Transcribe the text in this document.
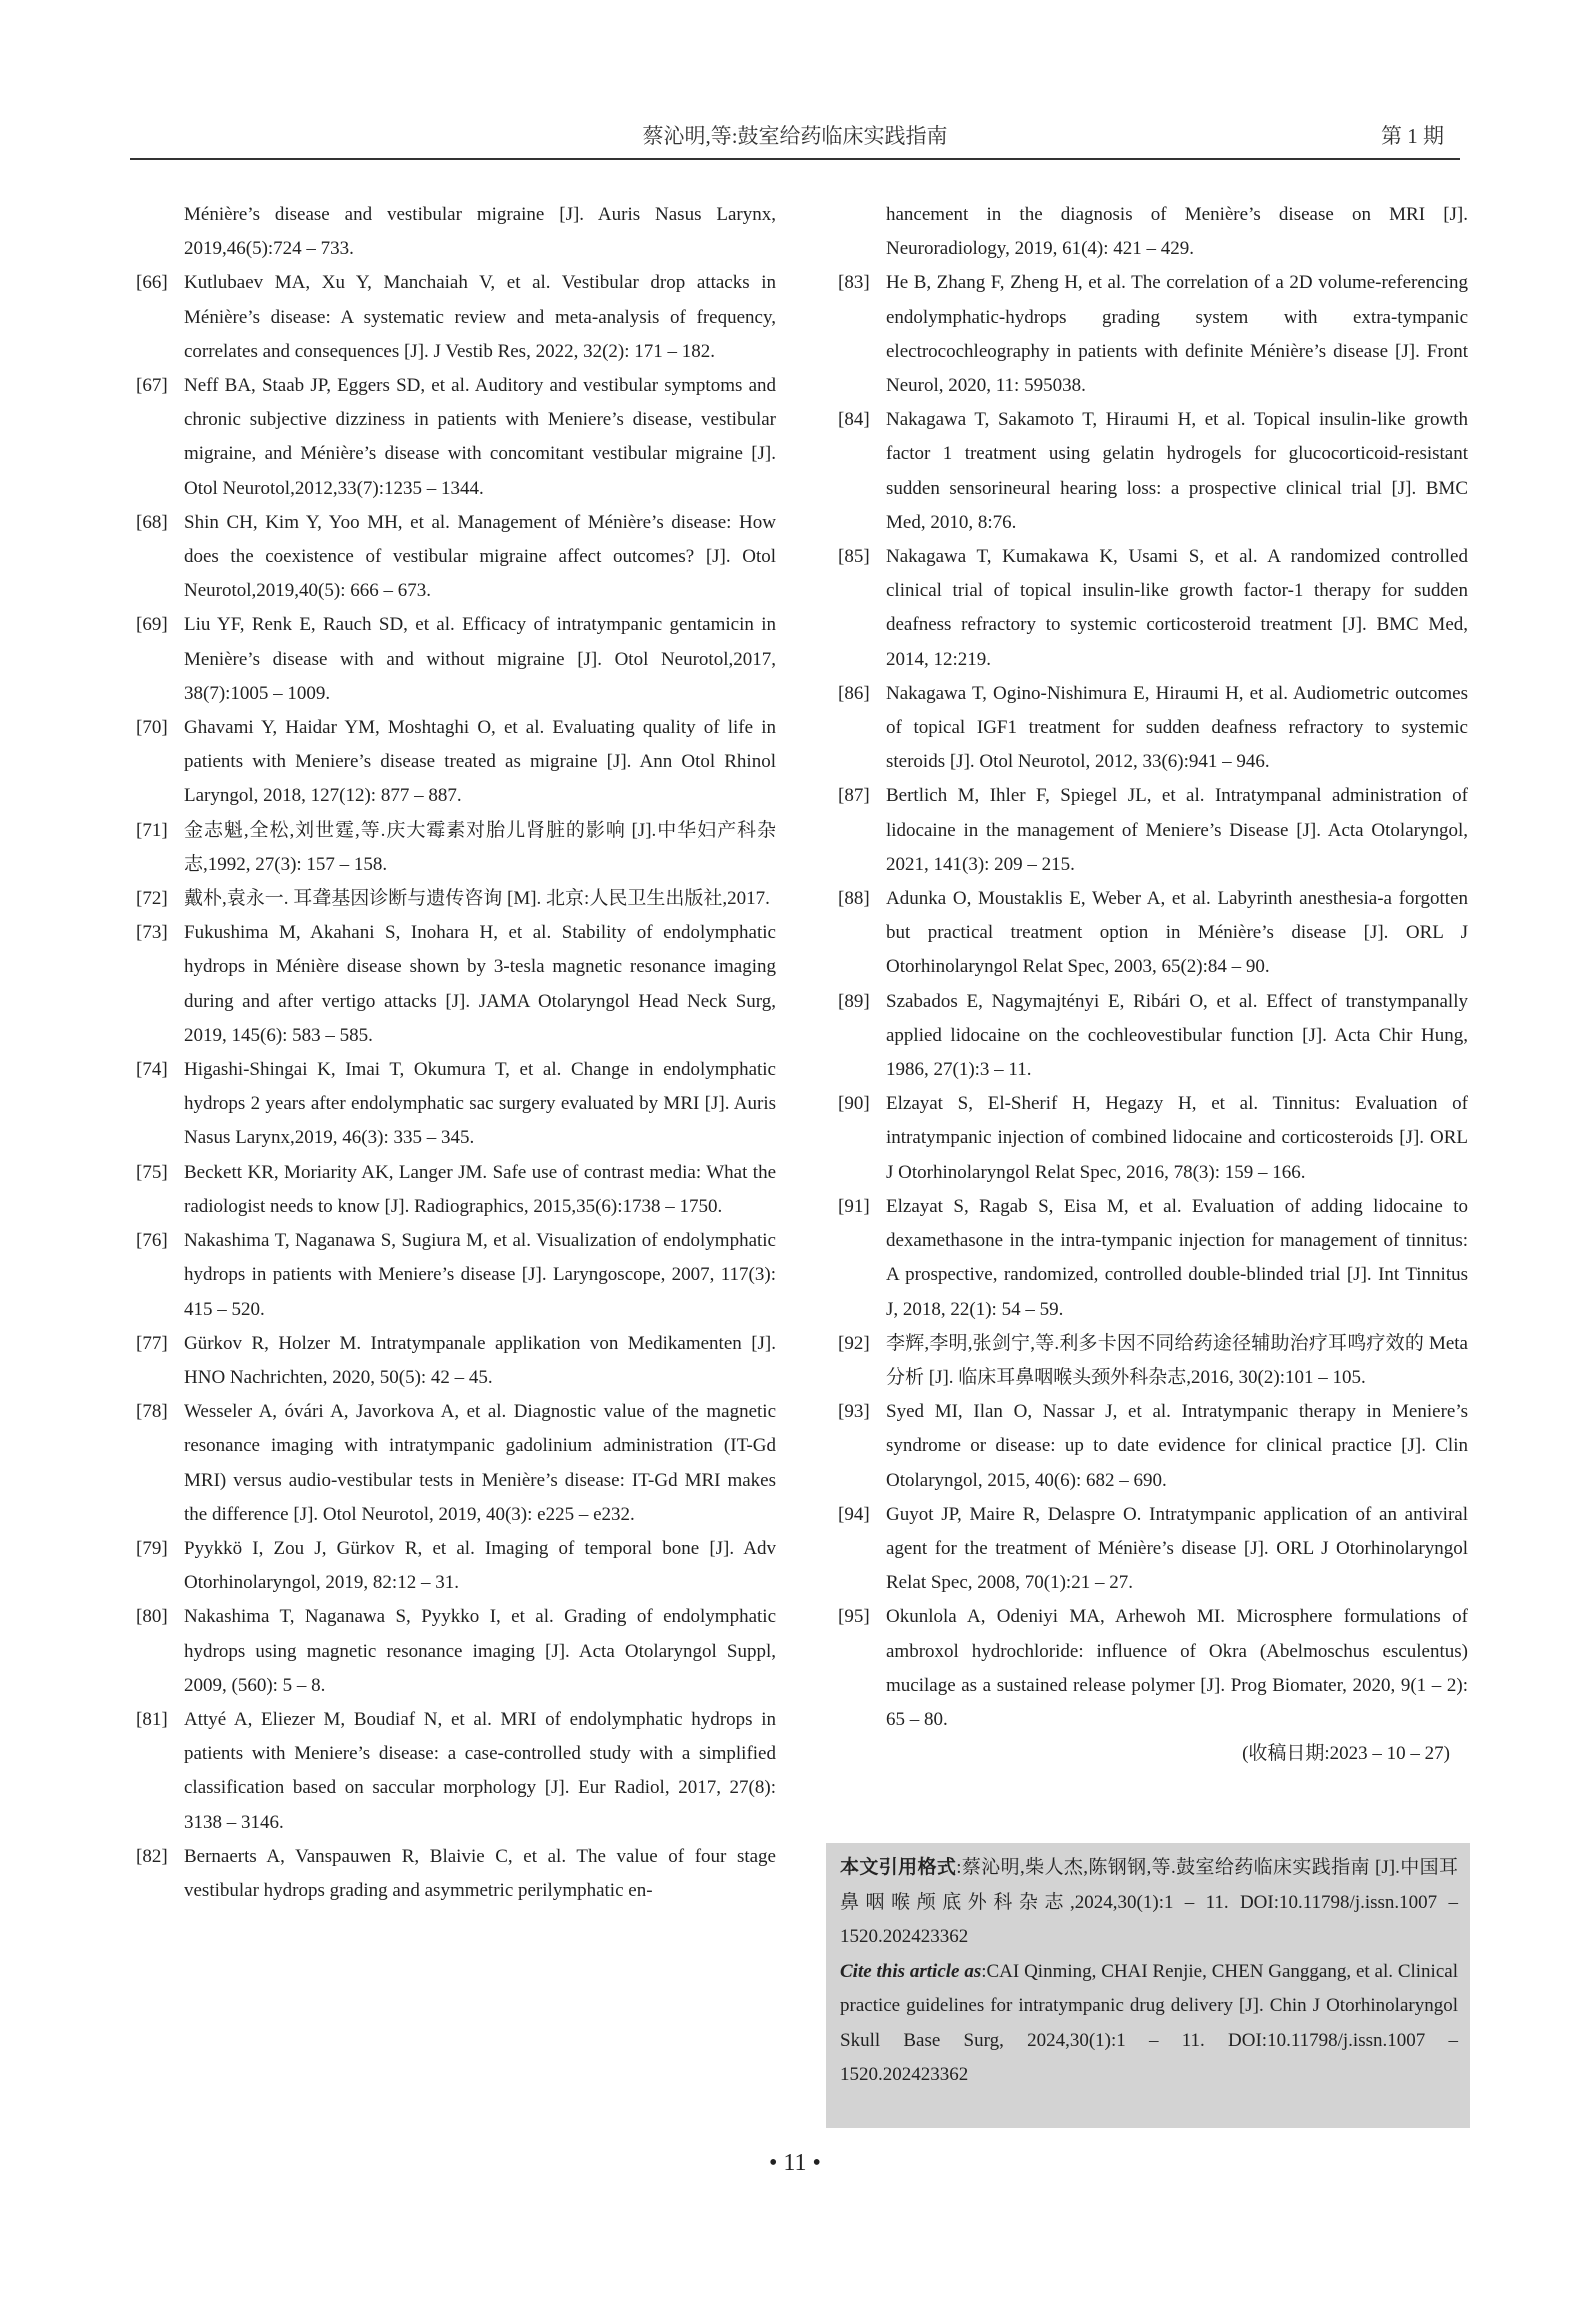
蔡沁明,等:鼓室给药临床实践指南	第 1 期
Ménière’s disease and vestibular migraine [J]. Auris Nasus Larynx, 2019,46(5):724 – 733.
[66] Kutlubaev MA, Xu Y, Manchaiah V, et al. Vestibular drop attacks in Ménière’s disease: A systematic review and meta-analysis of frequency, correlates and consequences [J]. J Vestib Res, 2022, 32(2): 171 – 182.
[67] Neff BA, Staab JP, Eggers SD, et al. Auditory and vestibular symptoms and chronic subjective dizziness in patients with Meniere’s disease, vestibular migraine, and Ménière’s disease with concomitant vestibular migraine [J]. Otol Neurotol,2012,33(7):1235 – 1344.
[68] Shin CH, Kim Y, Yoo MH, et al. Management of Ménière’s disease: How does the coexistence of vestibular migraine affect outcomes? [J]. Otol Neurotol,2019,40(5): 666 – 673.
[69] Liu YF, Renk E, Rauch SD, et al. Efficacy of intratympanic gentamicin in Menière’s disease with and without migraine [J]. Otol Neurotol,2017, 38(7):1005 – 1009.
[70] Ghavami Y, Haidar YM, Moshtaghi O, et al. Evaluating quality of life in patients with Meniere’s disease treated as migraine [J]. Ann Otol Rhinol Laryngol, 2018, 127(12): 877 – 887.
[71] 金志魁,全松,刘世霆,等.庆大霉素对胎儿肾脏的影响 [J].中华妇产科杂志,1992, 27(3): 157 – 158.
[72] 戴朴,袁永一. 耳聋基因诊断与遗传咨询 [M]. 北京:人民卫生出版社,2017.
[73] Fukushima M, Akahani S, Inohara H, et al. Stability of endolymphatic hydrops in Ménière disease shown by 3-tesla magnetic resonance imaging during and after vertigo attacks [J]. JAMA Otolaryngol Head Neck Surg, 2019, 145(6): 583 – 585.
[74] Higashi-Shingai K, Imai T, Okumura T, et al. Change in endolymphatic hydrops 2 years after endolymphatic sac surgery evaluated by MRI [J]. Auris Nasus Larynx,2019, 46(3): 335 – 345.
[75] Beckett KR, Moriarity AK, Langer JM. Safe use of contrast media: What the radiologist needs to know [J]. Radiographics, 2015,35(6):1738 – 1750.
[76] Nakashima T, Naganawa S, Sugiura M, et al. Visualization of endolymphatic hydrops in patients with Meniere’s disease [J]. Laryngoscope, 2007, 117(3): 415 – 520.
[77] Gürkov R, Holzer M. Intratympanale applikation von Medikamenten [J]. HNO Nachrichten, 2020, 50(5): 42 – 45.
[78] Wesseler A, óvári A, Javorkova A, et al. Diagnostic value of the magnetic resonance imaging with intratympanic gadolinium administration (IT-Gd MRI) versus audio-vestibular tests in Menière’s disease: IT-Gd MRI makes the difference [J]. Otol Neurotol, 2019, 40(3): e225 – e232.
[79] Pyykkö I, Zou J, Gürkov R, et al. Imaging of temporal bone [J]. Adv Otorhinolaryngol, 2019, 82:12 – 31.
[80] Nakashima T, Naganawa S, Pyykko I, et al. Grading of endolymphatic hydrops using magnetic resonance imaging [J]. Acta Otolaryngol Suppl, 2009, (560): 5 – 8.
[81] Attyé A, Eliezer M, Boudiaf N, et al. MRI of endolymphatic hydrops in patients with Meniere’s disease: a case-controlled study with a simplified classification based on saccular morphology [J]. Eur Radiol, 2017, 27(8): 3138 – 3146.
[82] Bernaerts A, Vanspauwen R, Blaivie C, et al. The value of four stage vestibular hydrops grading and asymmetric perilymphatic en-
hancement in the diagnosis of Menière’s disease on MRI [J]. Neuroradiology, 2019, 61(4): 421 – 429.
[83] He B, Zhang F, Zheng H, et al. The correlation of a 2D volume-referencing endolymphatic-hydrops grading system with extra-tympanic electrocochleography in patients with definite Ménière’s disease [J]. Front Neurol, 2020, 11: 595038.
[84] Nakagawa T, Sakamoto T, Hiraumi H, et al. Topical insulin-like growth factor 1 treatment using gelatin hydrogels for glucocorticoid-resistant sudden sensorineural hearing loss: a prospective clinical trial [J]. BMC Med, 2010, 8:76.
[85] Nakagawa T, Kumakawa K, Usami S, et al. A randomized controlled clinical trial of topical insulin-like growth factor-1 therapy for sudden deafness refractory to systemic corticosteroid treatment [J]. BMC Med, 2014, 12:219.
[86] Nakagawa T, Ogino-Nishimura E, Hiraumi H, et al. Audiometric outcomes of topical IGF1 treatment for sudden deafness refractory to systemic steroids [J]. Otol Neurotol, 2012, 33(6):941 – 946.
[87] Bertlich M, Ihler F, Spiegel JL, et al. Intratympanal administration of lidocaine in the management of Meniere’s Disease [J]. Acta Otolaryngol, 2021, 141(3): 209 – 215.
[88] Adunka O, Moustaklis E, Weber A, et al. Labyrinth anesthesia-a forgotten but practical treatment option in Ménière’s disease [J]. ORL J Otorhinolaryngol Relat Spec, 2003, 65(2):84 – 90.
[89] Szabados E, Nagymajtényi E, Ribári O, et al. Effect of transtympanally applied lidocaine on the cochleovestibular function [J]. Acta Chir Hung, 1986, 27(1):3 – 11.
[90] Elzayat S, El-Sherif H, Hegazy H, et al. Tinnitus: Evaluation of intratympanic injection of combined lidocaine and corticosteroids [J]. ORL J Otorhinolaryngol Relat Spec, 2016, 78(3): 159 – 166.
[91] Elzayat S, Ragab S, Eisa M, et al. Evaluation of adding lidocaine to dexamethasone in the intra-tympanic injection for management of tinnitus: A prospective, randomized, controlled double-blinded trial [J]. Int Tinnitus J, 2018, 22(1): 54 – 59.
[92] 李辉,李明,张剑宁,等.利多卡因不同给药途径辅助治疗耳鸣疗效的 Meta 分析 [J]. 临床耳鼻咽喉头颈外科杂志,2016, 30(2):101 – 105.
[93] Syed MI, Ilan O, Nassar J, et al. Intratympanic therapy in Meniere’s syndrome or disease: up to date evidence for clinical practice [J]. Clin Otolaryngol, 2015, 40(6): 682 – 690.
[94] Guyot JP, Maire R, Delaspre O. Intratympanic application of an antiviral agent for the treatment of Ménière’s disease [J]. ORL J Otorhinolaryngol Relat Spec, 2008, 70(1):21 – 27.
[95] Okunlola A, Odeniyi MA, Arhewoh MI. Microsphere formulations of ambroxol hydrochloride: influence of Okra (Abelmoschus esculentus) mucilage as a sustained release polymer [J]. Prog Biomater, 2020, 9(1 – 2): 65 – 80.
(收稿日期:2023 – 10 – 27)
本文引用格式:蔡沁明,柴人杰,陈钢钢,等.鼓室给药临床实践指南 [J].中国耳鼻咽喉颅底外科杂志,2024,30(1):1 – 11. DOI:10.11798/j.issn.1007 – 1520.202423362
Cite this article as:CAI Qinming, CHAI Renjie, CHEN Ganggang, et al. Clinical practice guidelines for intratympanic drug delivery [J]. Chin J Otorhinolaryngol Skull Base Surg, 2024,30(1):1 – 11. DOI:10.11798/j.issn.1007 – 1520.202423362
• 11 •
